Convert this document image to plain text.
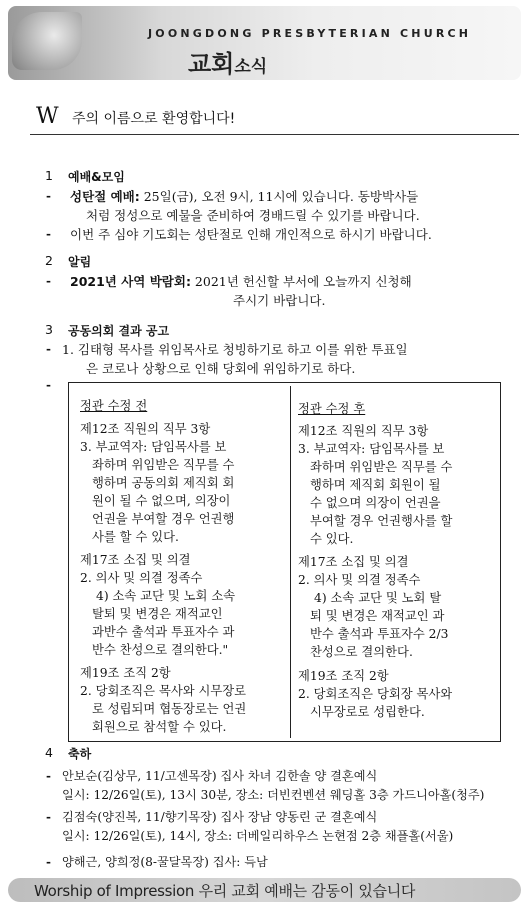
JOONGDONG PRESBYTERIAN CHURCH
교회소식
W 주의 이름으로 환영합니다!
1 예배&모임
- 성탄절 예배: 25일(금), 오전 9시, 11시에 있습니다. 동방박사들
처럼 정성으로 예물을 준비하여 경배드릴 수 있기를 바랍니다.
- 이번 주 심야 기도회는 성탄절로 인해 개인적으로 하시기 바랍니다.
2 알림
- 2021년 사역 박람회: 2021년 헌신할 부서에 오늘까지 신청해
주시기 바랍니다.
3 공동의회 결과 공고
- 1. 김태형 목사를 위임목사로 청빙하기로 하고 이를 위한 투표일
은 코로나 상황으로 인해 당회에 위임하기로 하다.
-
정관 수정 전
제12조 직원의 직무 3항
3. 부교역자: 담임목사를 보
좌하며 위임받은 직무를 수
행하며 공동의회 제직회 회
원이 될 수 없으며, 의장이
언권을 부여할 경우 언권행
사를 할 수 있다.
제17조 소집 및 의결
2. 의사 및 의결 정족수
4) 소속 교단 및 노회 소속
탈퇴 및 변경은 재적교인
과반수 출석과 투표자수 과
반수 찬성으로 결의한다."
제19조 조직 2항
2. 당회조직은 목사와 시무장로
로 성립되며 협동장로는 언권
회원으로 참석할 수 있다.
정관 수정 후
제12조 직원의 직무 3항
3. 부교역자: 담임목사를 보
좌하며 위임받은 직무를 수
행하며 제직회 회원이 될
수 없으며 의장이 언권을
부여할 경우 언권행사를 할
수 있다.
제17조 소집 및 의결
2. 의사 및 의결 정족수
4) 소속 교단 및 노회 탈
퇴 및 변경은 재적교인 과
반수 출석과 투표자수 2/3
찬성으로 결의한다.
제19조 조직 2항
2. 당회조직은 당회장 목사와
시무장로로 성립한다.
4 축하
- 안보순(김상무, 11/고센목장) 집사 차녀 김한솔 양 결혼예식
일시: 12/26일(토), 13시 30분, 장소: 더빈컨벤션 웨딩홀 3층 가드니아홀(청주)
- 김점숙(양진복, 11/향기목장) 집사 장남 양동린 군 결혼예식
일시: 12/26일(토), 14시, 장소: 더베일리하우스 논현점 2층 채플홀(서울)
- 양해근, 양희정(8-꿀달목장) 집사: 득남
Worship of Impression 우리 교회 예배는 감동이 있습니다
